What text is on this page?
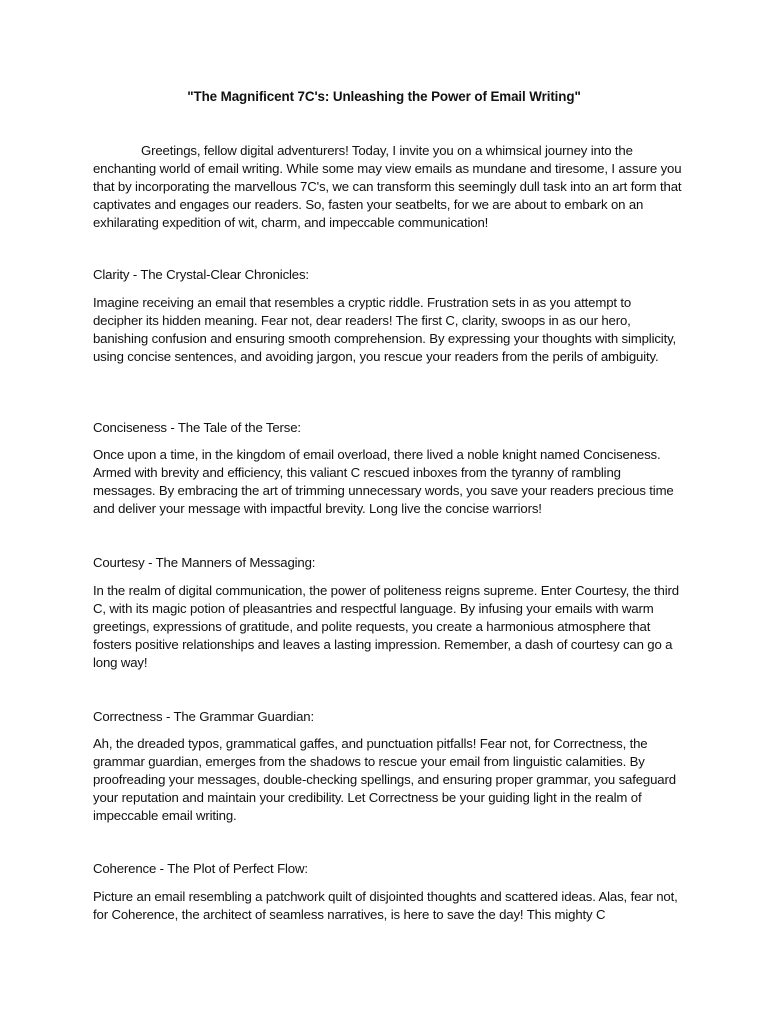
"The Magnificent 7C's: Unleashing the Power of Email Writing"

Greetings, fellow digital adventurers! Today, I invite you on a whimsical journey into the enchanting world of email writing. While some may view emails as mundane and tiresome, I assure you that by incorporating the marvellous 7C's, we can transform this seemingly dull task into an art form that captivates and engages our readers. So, fasten your seatbelts, for we are about to embark on an exhilarating expedition of wit, charm, and impeccable communication!

Clarity - The Crystal-Clear Chronicles:

Imagine receiving an email that resembles a cryptic riddle. Frustration sets in as you attempt to decipher its hidden meaning. Fear not, dear readers! The first C, clarity, swoops in as our hero, banishing confusion and ensuring smooth comprehension. By expressing your thoughts with simplicity, using concise sentences, and avoiding jargon, you rescue your readers from the perils of ambiguity.

Conciseness - The Tale of the Terse:

Once upon a time, in the kingdom of email overload, there lived a noble knight named Conciseness. Armed with brevity and efficiency, this valiant C rescued inboxes from the tyranny of rambling messages. By embracing the art of trimming unnecessary words, you save your readers precious time and deliver your message with impactful brevity. Long live the concise warriors!

Courtesy - The Manners of Messaging:

In the realm of digital communication, the power of politeness reigns supreme. Enter Courtesy, the third C, with its magic potion of pleasantries and respectful language. By infusing your emails with warm greetings, expressions of gratitude, and polite requests, you create a harmonious atmosphere that fosters positive relationships and leaves a lasting impression. Remember, a dash of courtesy can go a long way!

Correctness - The Grammar Guardian:

Ah, the dreaded typos, grammatical gaffes, and punctuation pitfalls! Fear not, for Correctness, the grammar guardian, emerges from the shadows to rescue your email from linguistic calamities. By proofreading your messages, double-checking spellings, and ensuring proper grammar, you safeguard your reputation and maintain your credibility. Let Correctness be your guiding light in the realm of impeccable email writing.

Coherence - The Plot of Perfect Flow:

Picture an email resembling a patchwork quilt of disjointed thoughts and scattered ideas. Alas, fear not, for Coherence, the architect of seamless narratives, is here to save the day! This mighty C
